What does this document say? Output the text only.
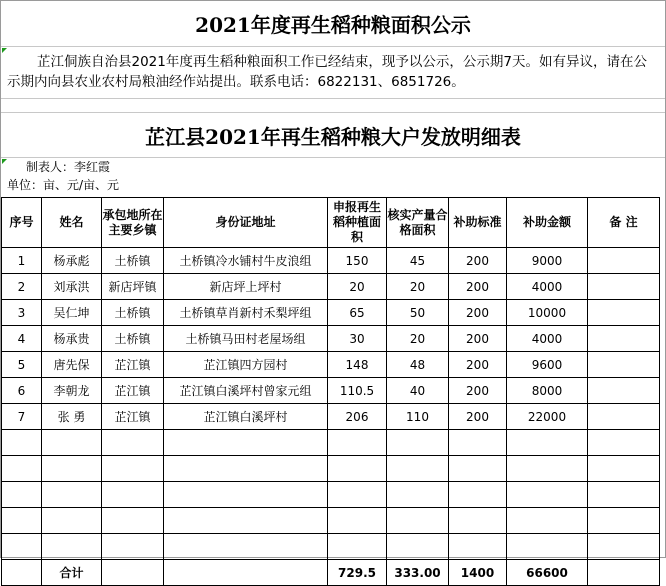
2021年度再生稻种粮面积公示
芷江侗族自治县2021年度再生稻种粮面积工作已经结束，现予以公示，公示期7天。如有异议，请在公示期内向县农业农村局粮油经作站提出。联系电话：6822131、6851726。
芷江县2021年再生稻种粮大户发放明细表
制表人：李红霞
单位：亩、元/亩、元
序号	姓名	承包地所在主要乡镇	身份证地址	申报再生稻种植面积	核实产量合格面积	补助标准	补助金额	备 注
1	杨承彪	土桥镇	土桥镇冷水铺村牛皮浪组	150	45	200	9000	
2	刘承洪	新店坪镇	新店坪上坪村	20	20	200	4000	
3	吴仁坤	土桥镇	土桥镇草肖新村禾梨坪组	65	50	200	10000	
4	杨承贵	土桥镇	土桥镇马田村老屋场组	30	20	200	4000	
5	唐先保	芷江镇	芷江镇四方园村	148	48	200	9600	
6	李朝龙	芷江镇	芷江镇白溪坪村曾家元组	110.5	40	200	8000	
7	张 勇	芷江镇	芷江镇白溪坪村	206	110	200	22000	

	合计			729.5	333.00	1400	66600	
